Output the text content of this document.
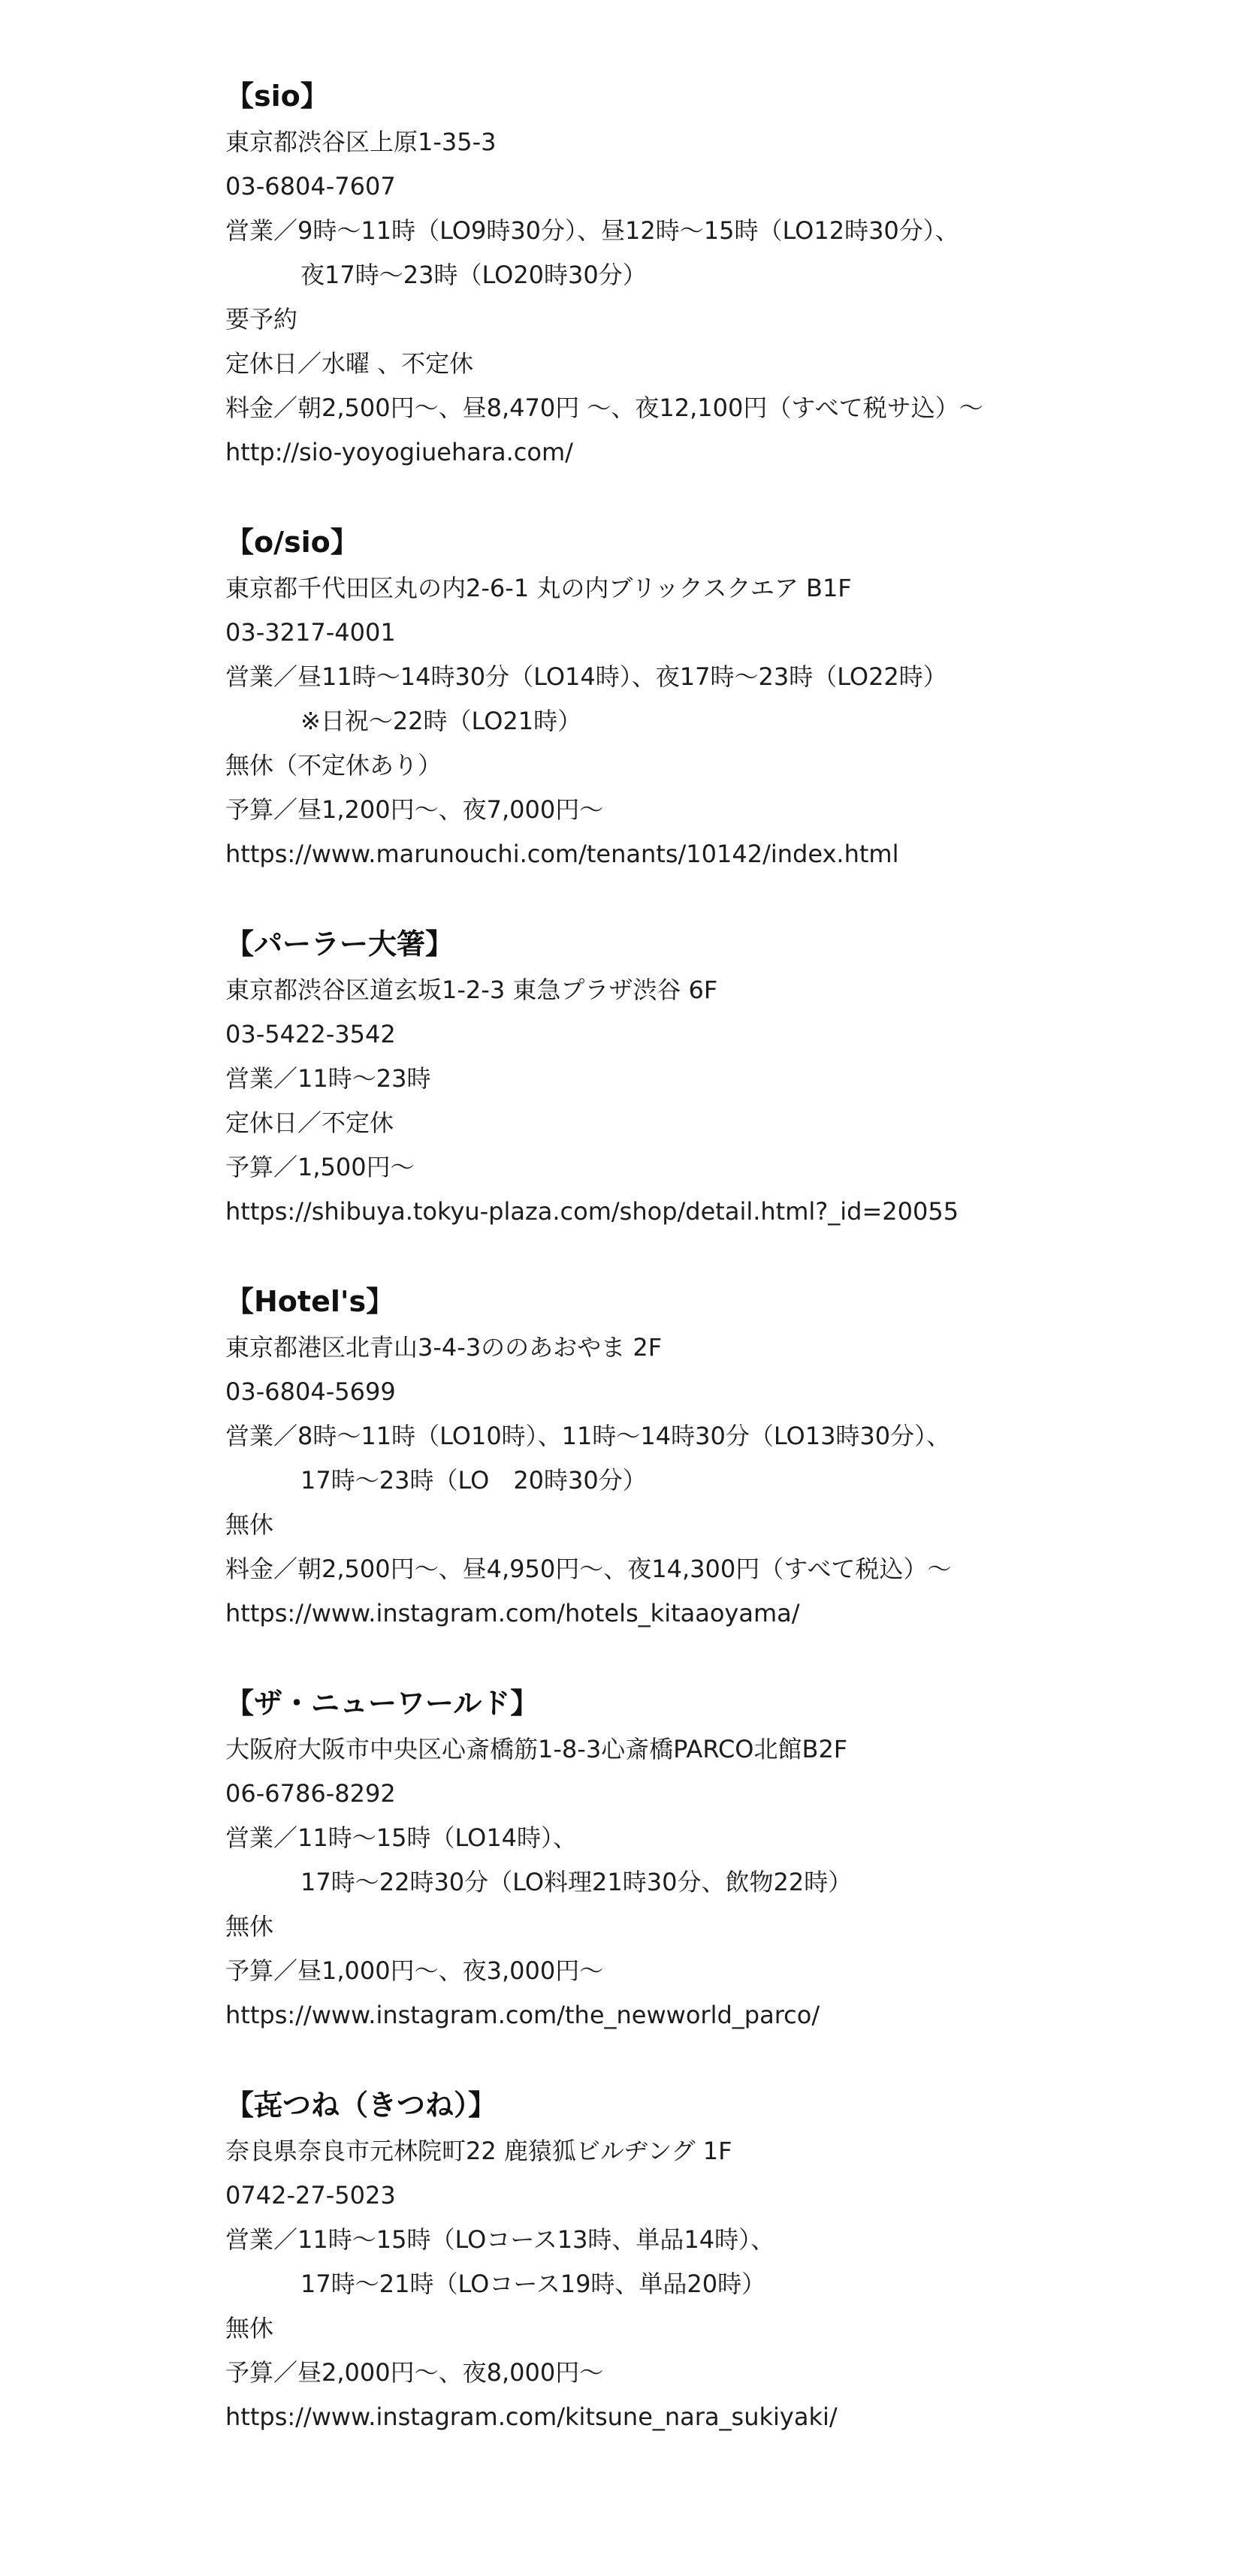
【sio】
東京都渋谷区上原1-35-3
03-6804-7607
営業／9時～11時（LO9時30分）、昼12時～15時（LO12時30分）、
夜17時～23時（LO20時30分）
要予約
定休日／水曜 、不定休
料金／朝2,500円～、昼8,470円 ～、夜12,100円（すべて税サ込）～
http://sio-yoyogiuehara.com/
【o/sio】
東京都千代田区丸の内2-6-1 丸の内ブリックスクエア B1F
03-3217-4001
営業／昼11時～14時30分（LO14時）、夜17時～23時（LO22時）
※日祝～22時（LO21時）
無休（不定休あり）
予算／昼1,200円～、夜7,000円～
https://www.marunouchi.com/tenants/10142/index.html
【パーラー大箸】
東京都渋谷区道玄坂1-2-3 東急プラザ渋谷 6F
03-5422-3542
営業／11時～23時
定休日／不定休
予算／1,500円～
https://shibuya.tokyu-plaza.com/shop/detail.html?_id=20055
【Hotel's】
東京都港区北青山3-4-3ののあおやま 2F
03-6804-5699
営業／8時～11時（LO10時）、11時～14時30分（LO13時30分）、
17時～23時（LO　20時30分）
無休
料金／朝2,500円～、昼4,950円～、夜14,300円（すべて税込）～
https://www.instagram.com/hotels_kitaaoyama/
【ザ・ニューワールド】
大阪府大阪市中央区心斎橋筋1-8-3心斎橋PARCO北館B2F
06-6786-8292
営業／11時～15時（LO14時）、
17時～22時30分（LO料理21時30分、飲物22時）
無休
予算／昼1,000円～、夜3,000円～
https://www.instagram.com/the_newworld_parco/
【㐂つね（きつね）】
奈良県奈良市元林院町22 鹿猿狐ビルヂング 1F
0742-27-5023
営業／11時～15時（LOコース13時、単品14時）、
17時～21時（LOコース19時、単品20時）
無休
予算／昼2,000円～、夜8,000円～
https://www.instagram.com/kitsune_nara_sukiyaki/
